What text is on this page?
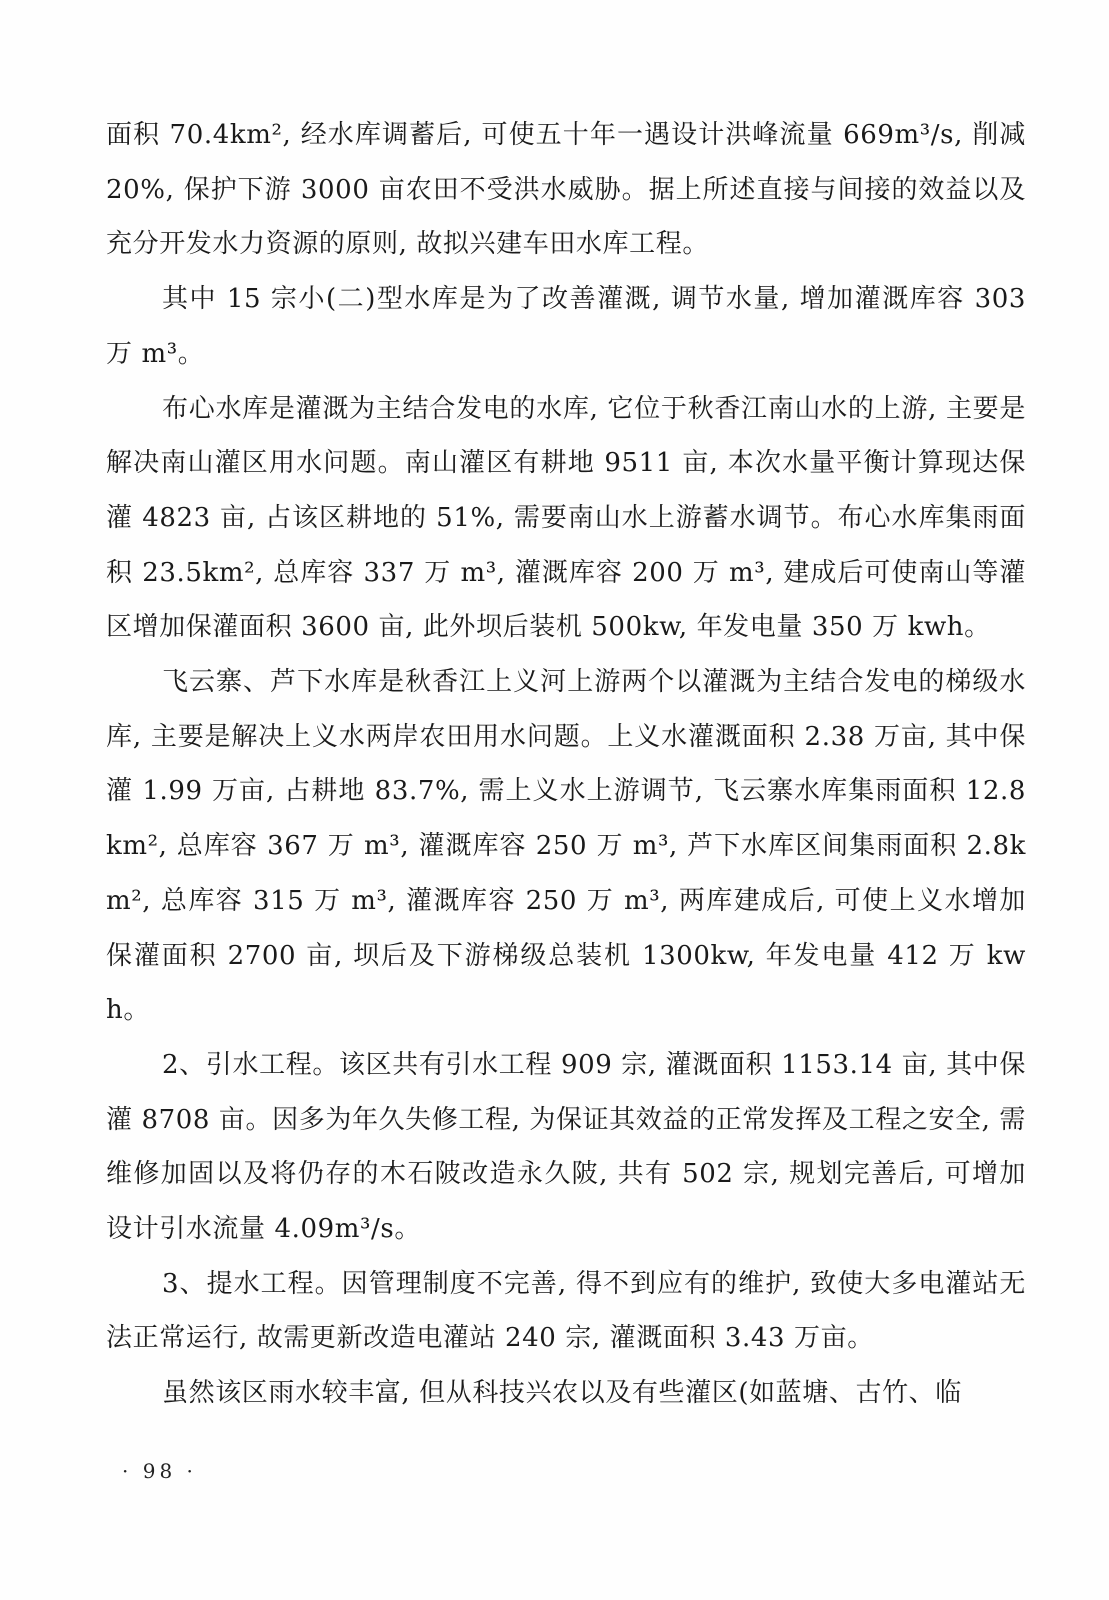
面积 70.4km², 经水库调蓄后, 可使五十年一遇设计洪峰流量 669m³/s, 削减 20%, 保护下游 3000 亩农田不受洪水威胁。据上所述直接与间接的效益以及充分开发水力资源的原则, 故拟兴建车田水库工程。

其中 15 宗小(二)型水库是为了改善灌溉, 调节水量, 增加灌溉库容 303 万 m³。

布心水库是灌溉为主结合发电的水库, 它位于秋香江南山水的上游, 主要是解决南山灌区用水问题。南山灌区有耕地 9511 亩, 本次水量平衡计算现达保灌 4823 亩, 占该区耕地的 51%, 需要南山水上游蓄水调节。布心水库集雨面积 23.5km², 总库容 337 万 m³, 灌溉库容 200 万 m³, 建成后可使南山等灌区增加保灌面积 3600 亩, 此外坝后装机 500kw, 年发电量 350 万 kwh。

飞云寨、芦下水库是秋香江上义河上游两个以灌溉为主结合发电的梯级水库, 主要是解决上义水两岸农田用水问题。上义水灌溉面积 2.38 万亩, 其中保灌 1.99 万亩, 占耕地 83.7%, 需上义水上游调节, 飞云寨水库集雨面积 12.8km², 总库容 367 万 m³, 灌溉库容 250 万 m³, 芦下水库区间集雨面积 2.8km², 总库容 315 万 m³, 灌溉库容 250 万 m³, 两库建成后, 可使上义水增加保灌面积 2700 亩, 坝后及下游梯级总装机 1300kw, 年发电量 412 万 kwh。

2、引水工程。该区共有引水工程 909 宗, 灌溉面积 1153.14 亩, 其中保灌 8708 亩。因多为年久失修工程, 为保证其效益的正常发挥及工程之安全, 需维修加固以及将仍存的木石陂改造永久陂, 共有 502 宗, 规划完善后, 可增加设计引水流量 4.09m³/s。

3、提水工程。因管理制度不完善, 得不到应有的维护, 致使大多电灌站无法正常运行, 故需更新改造电灌站 240 宗, 灌溉面积 3.43 万亩。

虽然该区雨水较丰富, 但从科技兴农以及有些灌区(如蓝塘、古竹、临

· 98 ·
